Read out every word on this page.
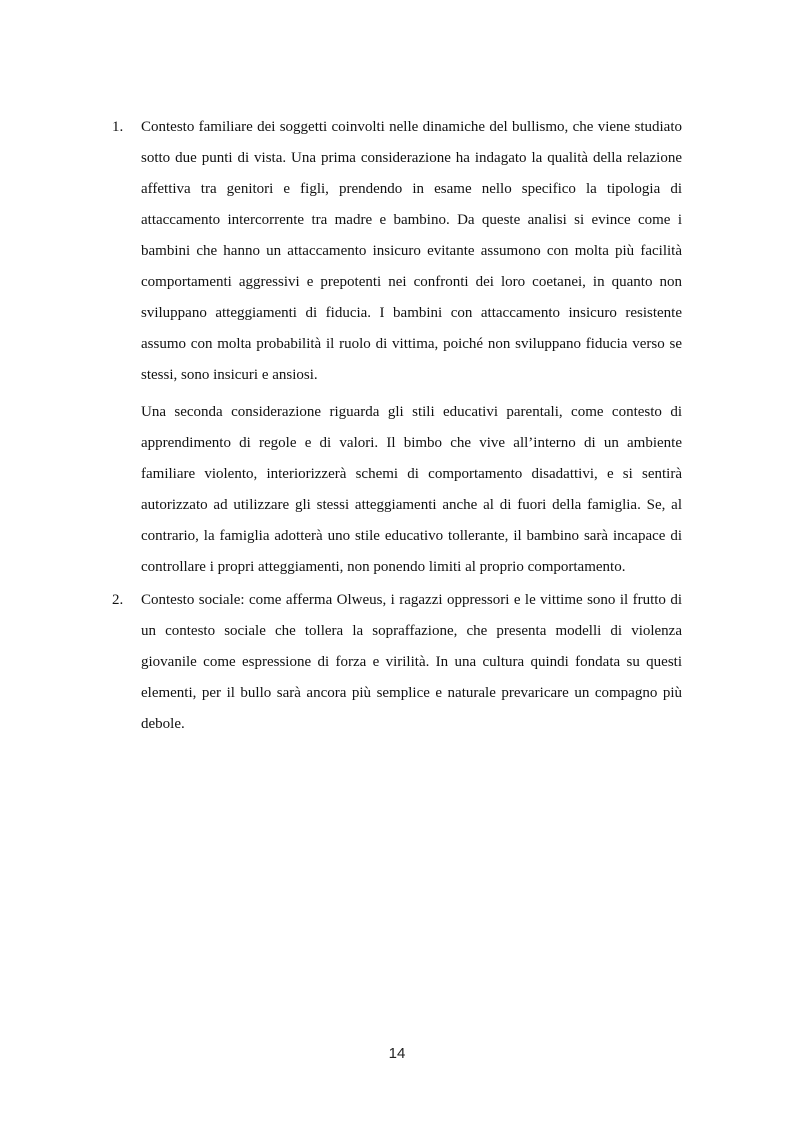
1. Contesto familiare dei soggetti coinvolti nelle dinamiche del bullismo, che viene studiato sotto due punti di vista. Una prima considerazione ha indagato la qualità della relazione affettiva tra genitori e figli, prendendo in esame nello specifico la tipologia di attaccamento intercorrente tra madre e bambino. Da queste analisi si evince come i bambini che hanno un attaccamento insicuro evitante assumono con molta più facilità comportamenti aggressivi e prepotenti nei confronti dei loro coetanei, in quanto non sviluppano atteggiamenti di fiducia. I bambini con attaccamento insicuro resistente assumo con molta probabilità il ruolo di vittima, poiché non sviluppano fiducia verso se stessi, sono insicuri e ansiosi.

Una seconda considerazione riguarda gli stili educativi parentali, come contesto di apprendimento di regole e di valori. Il bimbo che vive all’interno di un ambiente familiare violento, interiorizzerà schemi di comportamento disadattivi, e si sentirà autorizzato ad utilizzare gli stessi atteggiamenti anche al di fuori della famiglia. Se, al contrario, la famiglia adotterà uno stile educativo tollerante, il bambino sarà incapace di controllare i propri atteggiamenti, non ponendo limiti al proprio comportamento.

2. Contesto sociale: come afferma Olweus, i ragazzi oppressori e le vittime sono il frutto di un contesto sociale che tollera la sopraffazione, che presenta modelli di violenza giovanile come espressione di forza e virilità. In una cultura quindi fondata su questi elementi, per il bullo sarà ancora più semplice e naturale prevaricare un compagno più debole.

14
